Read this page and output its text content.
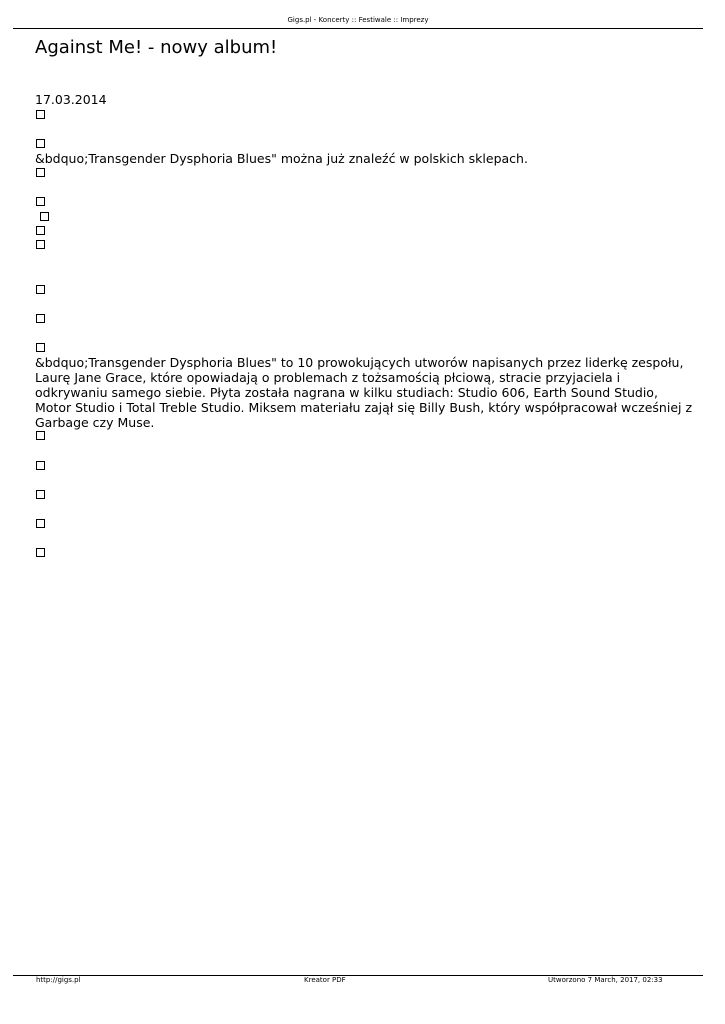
Gigs.pl - Koncerty :: Festiwale :: Imprezy
Against Me! - nowy album!
17.03.2014
&bdquo;Transgender Dysphoria Blues" można już znaleźć w polskich sklepach.

&bdquo;Transgender Dysphoria Blues" to 10 prowokujących utworów napisanych przez liderkę zespołu, Laurę Jane Grace, które opowiadają o problemach z tożsamością płciową, stracie przyjaciela i odkrywaniu samego siebie. Płyta została nagrana w kilku studiach: Studio 606, Earth Sound Studio, Motor Studio i Total Treble Studio. Miksem materiału zajął się Billy Bush, który współpracował wcześniej z Garbage czy Muse.

http://gigs.pl	Kreator PDF	Utworzono 7 March, 2017, 02:33
